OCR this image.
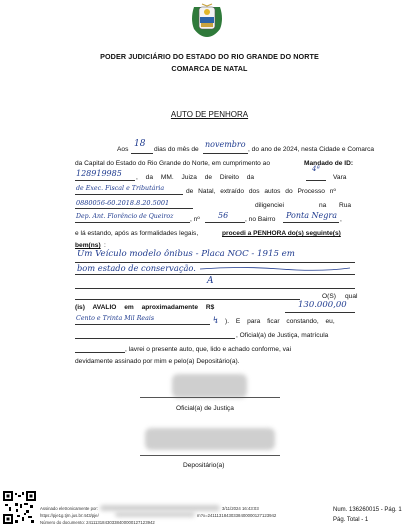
PODER JUDICIÁRIO DO ESTADO DO RIO GRANDE DO NORTE
COMARCA DE NATAL
AUTO DE PENHORA
Aos
18
dias do mês de
novembro
, do ano de 2024, nesta Cidade e Comarca
da Capital do Estado do Rio Grande do Norte, em cumprimento ao	Mandado de ID:
128919985 , da MM. Juiza de Direito da
4ª
Vara
de Exec. Fiscal e Tributária	de Natal, extraído dos autos do Processo nº
0880056-60.2018.8.20.5001	diligenciei	na Rua
Dep. Ant. Florêncio de Queiroz	, nº 56	, no Bairro Ponta Negra ,
e lá estando, após as formalidades legais,	procedi a PENHORA do(s) seguinte(s)
bem(ns) :
Um Veículo modelo ônibus - Placa NOC - 1915 em
bom estado de conservação.
A
O(S) qual
(is) AVALIO em aproximadamente R$	130.000,00
Cento e Trinta Mil Reais	↯ ). E para ficar constando, eu,
, Oficial(a) de Justiça, matrícula
, lavrei o presente auto, que, lido e achado conforme, vai
devidamente assinado por mim e pelo(a) Depositário(a).
Oficial(a) de Justiça
Depositário(a)
Assinado eletronicamente por:	3/11/2024 16:43:03
https://pje1g.tjrn.jus.br:443/pje/	m?x=24111318430338400000127123942
Número do documento: 24111318430338400000127123942
Num. 136260015 - Pág. 1
Pág. Total - 1
